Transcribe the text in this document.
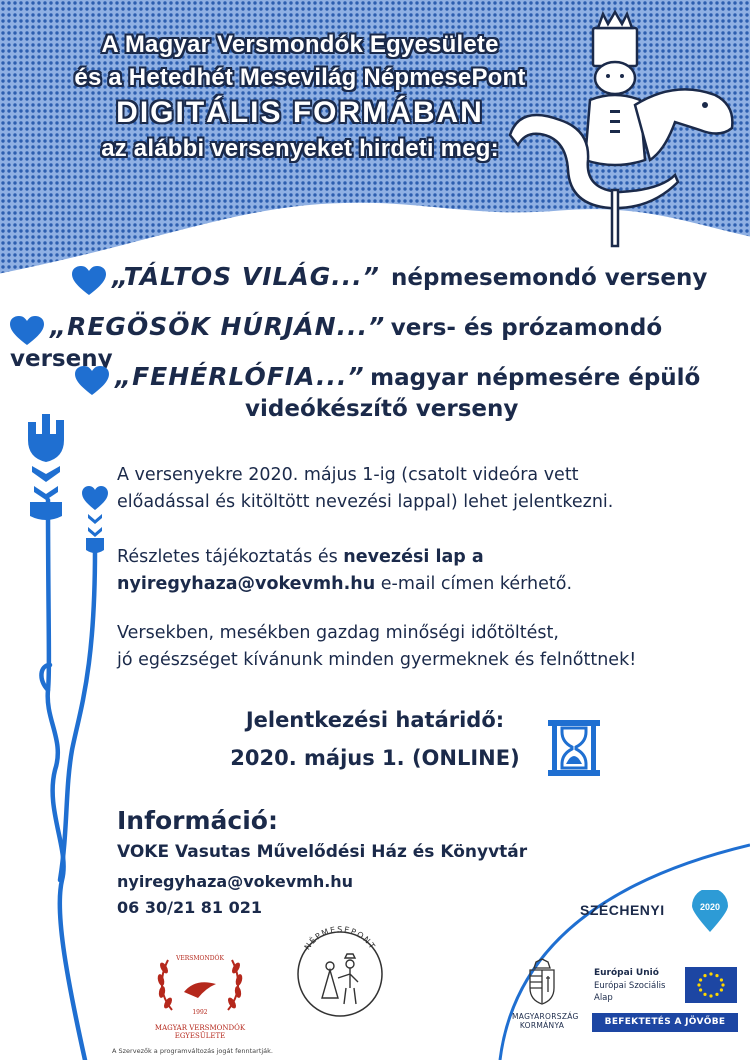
A Magyar Versmondók Egyesülete
és a Hetedhét Mesevilág NépmesePont
DIGITÁLIS FORMÁBAN
az alábbi versenyeket hirdeti meg:
„TÁLTOS VILÁG...” népmesemondó verseny
„REGÖSÖK HÚRJÁN...” vers- és prózamondó verseny
„FEHÉRLÓFIA...” magyar népmesére épülő
videókészítő verseny
A versenyekre 2020. május 1-ig (csatolt videóra vett
előadással és kitöltött nevezési lappal) lehet jelentkezni.
Részletes tájékoztatás és nevezési lap a
nyiregyhaza@vokevmh.hu e-mail címen kérhető.
Versekben, mesékben gazdag minőségi időtöltést,
jó egészséget kívánunk minden gyermeknek és felnőttnek!
Jelentkezési határidő:
2020. május 1. (ONLINE)
Információ:
VOKE Vasutas Művelődési Ház és Könyvtár
nyiregyhaza@vokevmh.hu
06 30/21 81 021
VERSMONDÓK
1992
MAGYAR VERSMONDÓK
EGYESÜLETE
NÉPMESEPONT
A Szervezők a programváltozás jogát fenntartják.
SZÉCHENYI	2020
MAGYARORSZÁG
KORMÁNYA
Európai Unió
Európai Szociális
Alap
BEFEKTETÉS A JÖVŐBE
